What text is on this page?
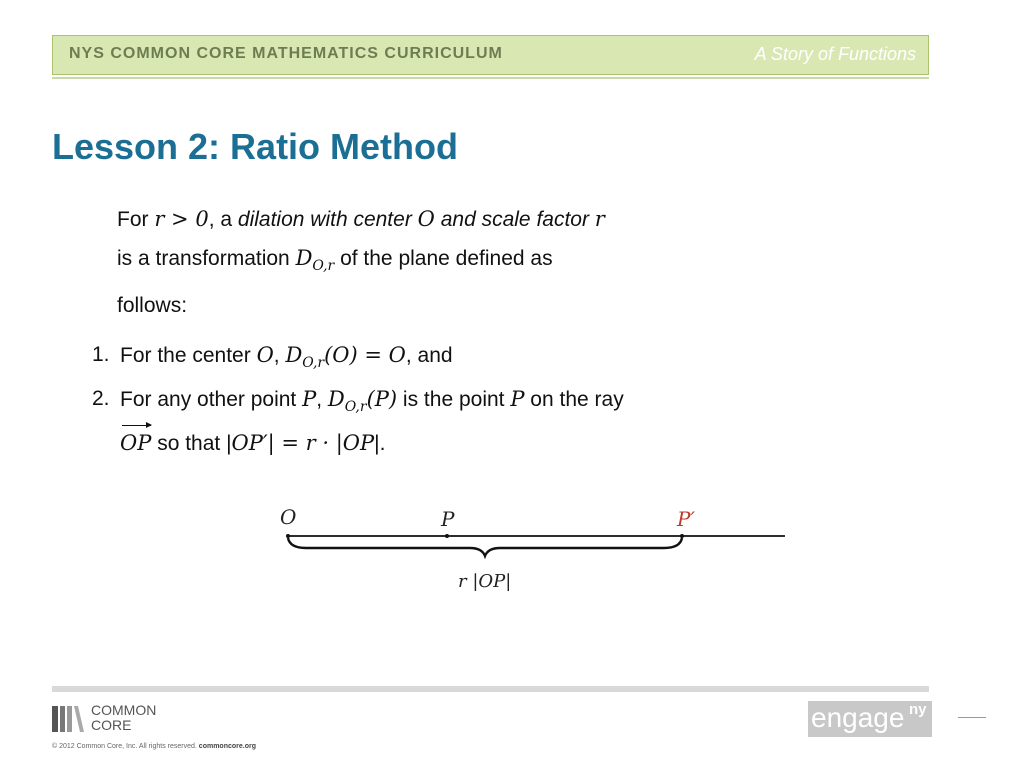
NYS COMMON CORE MATHEMATICS CURRICULUM	A Story of Functions
Lesson 2: Ratio Method
For r > 0, a dilation with center O and scale factor r
is a transformation $D_{O,r}$ of the plane defined as
follows:
1. For the center O, $D_{O,r}(O) = O$, and
2. For any other point P, $D_{O,r}(P)$ is the point P on the ray
OP so that |OP′| = r · |OP|.
O	P	P′
r |OP|
COMMON
CORE
© 2012 Common Core, Inc. All rights reserved. commoncore.org
engage ny
